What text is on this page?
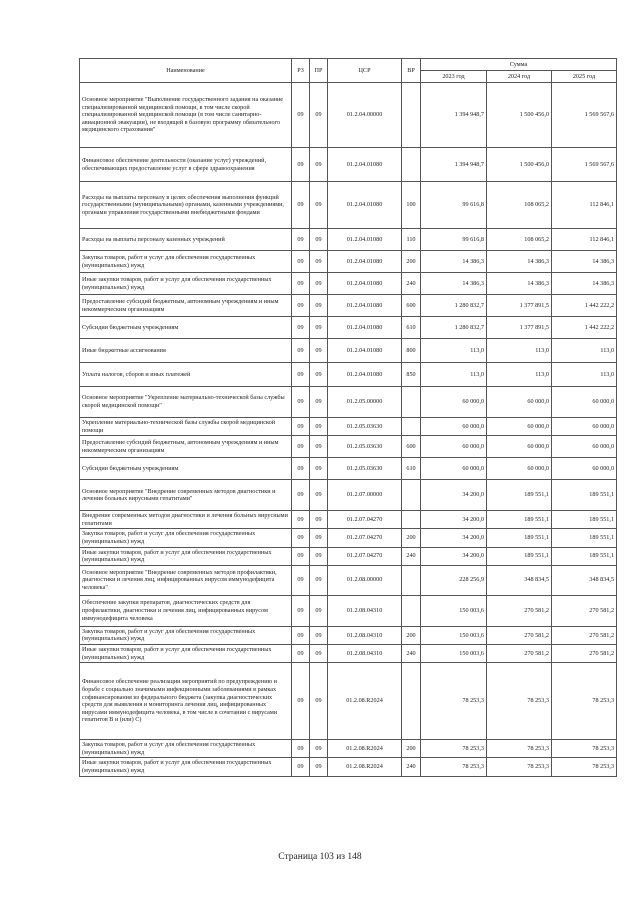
Наименование	РЗ	ПР	ЦСР	ВР	Сумма		
					2023 год	2024 год	2025 год
Основное мероприятие "Выполнение государственного задания на оказание специализированной медицинской помощи, в том числе скорой специализированной медицинской помощи (в том числе санитарно-авиационной эвакуации), не входящей в базовую программу обязательного медицинского страхования"	09	09	01.2.04.00000		1 394 948,7	1 500 456,0	1 569 567,6
Финансовое обеспечение деятельности (оказание услуг) учреждений, обеспечивающих предоставление услуг в сфере здравоохранения	09	09	01.2.04.01080		1 394 948,7	1 500 456,0	1 569 567,6
Расходы на выплаты персоналу в целях обеспечения выполнения функций государственными (муниципальными) органами, казенными учреждениями, органами управления государственными внебюджетными фондами	09	09	01.2.04.01080	100	99 616,8	108 065,2	112 846,1
Расходы на выплаты персоналу казенных учреждений	09	09	01.2.04.01080	110	99 616,8	108 065,2	112 846,1
Закупка товаров, работ и услуг для обеспечения государственных (муниципальных) нужд	09	09	01.2.04.01080	200	14 386,3	14 386,3	14 386,3
Иные закупки товаров, работ и услуг для обеспечения государственных (муниципальных) нужд	09	09	01.2.04.01080	240	14 386,3	14 386,3	14 386,3
Предоставление субсидий бюджетным, автономным учреждениям и иным некоммерческим организациям	09	09	01.2.04.01080	600	1 280 832,7	1 377 891,5	1 442 222,2
Субсидии бюджетным учреждениям	09	09	01.2.04.01080	610	1 280 832,7	1 377 891,5	1 442 222,2
Иные бюджетные ассигнования	09	09	01.2.04.01080	800	113,0	113,0	113,0
Уплата налогов, сборов и иных платежей	09	09	01.2.04.01080	850	113,0	113,0	113,0
Основное мероприятие "Укрепление материально-технической базы службы скорой медицинской помощи"	09	09	01.2.05.00000		60 000,0	60 000,0	60 000,0
Укрепление материально-технической базы службы скорой медицинской помощи	09	09	01.2.05.03630		60 000,0	60 000,0	60 000,0
Предоставление субсидий бюджетным, автономным учреждениям и иным некоммерческим организациям	09	09	01.2.05.03630	600	60 000,0	60 000,0	60 000,0
Субсидии бюджетным учреждениям	09	09	01.2.05.03630	610	60 000,0	60 000,0	60 000,0
Основное мероприятие "Внедрение современных методов диагностики и лечения больных вирусными гепатитами"	09	09	01.2.07.00000		34 200,0	189 551,1	189 551,1
Внедрение современных методов диагностики и лечения больных вирусными гепатитами	09	09	01.2.07.04270		34 200,0	189 551,1	189 551,1
Закупка товаров, работ и услуг для обеспечения государственных (муниципальных) нужд	09	09	01.2.07.04270	200	34 200,0	189 551,1	189 551,1
Иные закупки товаров, работ и услуг для обеспечения государственных (муниципальных) нужд	09	09	01.2.07.04270	240	34 200,0	189 551,1	189 551,1
Основное мероприятие "Внедрение современных методов профилактики, диагностики и лечения лиц, инфицированных вирусом иммунодефицита человека"	09	09	01.2.08.00000		228 256,9	348 834,5	348 834,5
Обеспечение закупки препаратов, диагностических средств для профилактики, диагностики и лечения лиц, инфицированных вирусом иммунодефицита человека	09	09	01.2.08.04310		150 003,6	270 581,2	270 581,2
Закупка товаров, работ и услуг для обеспечения государственных (муниципальных) нужд	09	09	01.2.08.04310	200	150 003,6	270 581,2	270 581,2
Иные закупки товаров, работ и услуг для обеспечения государственных (муниципальных) нужд	09	09	01.2.08.04310	240	150 003,6	270 581,2	270 581,2
Финансовое обеспечение реализации мероприятий по предупреждению и борьбе с социально значимыми инфекционными заболеваниями в рамках софинансирования из федерального бюджета (закупка диагностических средств для выявления и мониторинга лечения лиц, инфицированных вирусами иммунодефицита человека, в том числе в сочетании с вирусами гепатитов В и (или) С)	09	09	01.2.08.R2024		78 253,3	78 253,3	78 253,3
Закупка товаров, работ и услуг для обеспечения государственных (муниципальных) нужд	09	09	01.2.08.R2024	200	78 253,3	78 253,3	78 253,3
Иные закупки товаров, работ и услуг для обеспечения государственных (муниципальных) нужд	09	09	01.2.08.R2024	240	78 253,3	78 253,3	78 253,3
Страница 103 из 148
